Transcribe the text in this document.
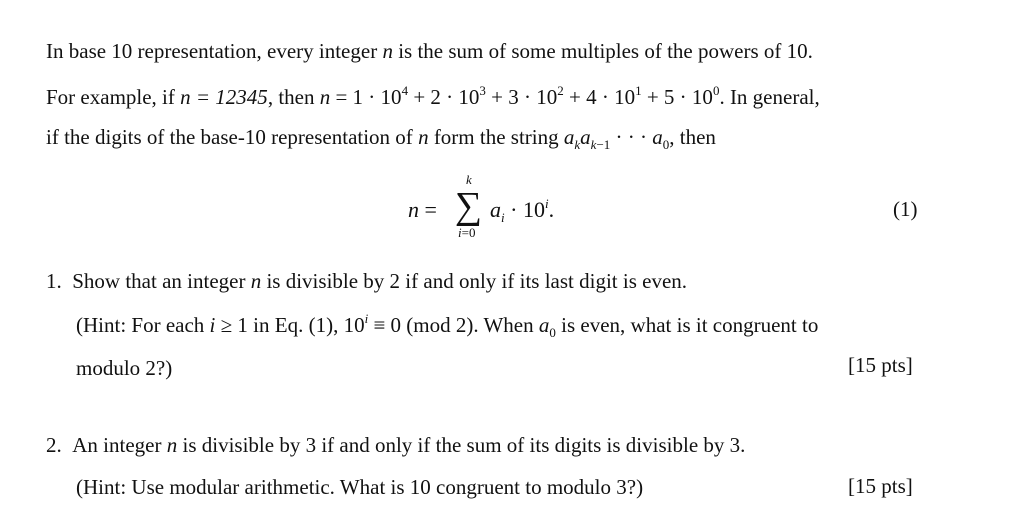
In base 10 representation, every integer n is the sum of some multiples of the powers of 10.
For example, if n = 12345, then $n = 1 \cdot 10^4 + 2 \cdot 10^3 + 3 \cdot 10^2 + 4 \cdot 10^1 + 5 \cdot 10^0$. In general,
if the digits of the base-10 representation of n form the string $a_ka_{k-1}$ · · · $a_0$, then
n =
k
∑
i=0
$a_i \cdot 10^i$.	(1)
1. Show that an integer n is divisible by 2 if and only if its last digit is even.
(Hint: For each i ≥ 1 in Eq. (1), $10^i \equiv 0$ (mod 2). When $a_0$ is even, what is it congruent to
modulo 2?)	[15 pts]
2. An integer n is divisible by 3 if and only if the sum of its digits is divisible by 3.
(Hint: Use modular arithmetic. What is 10 congruent to modulo 3?)	[15 pts]
